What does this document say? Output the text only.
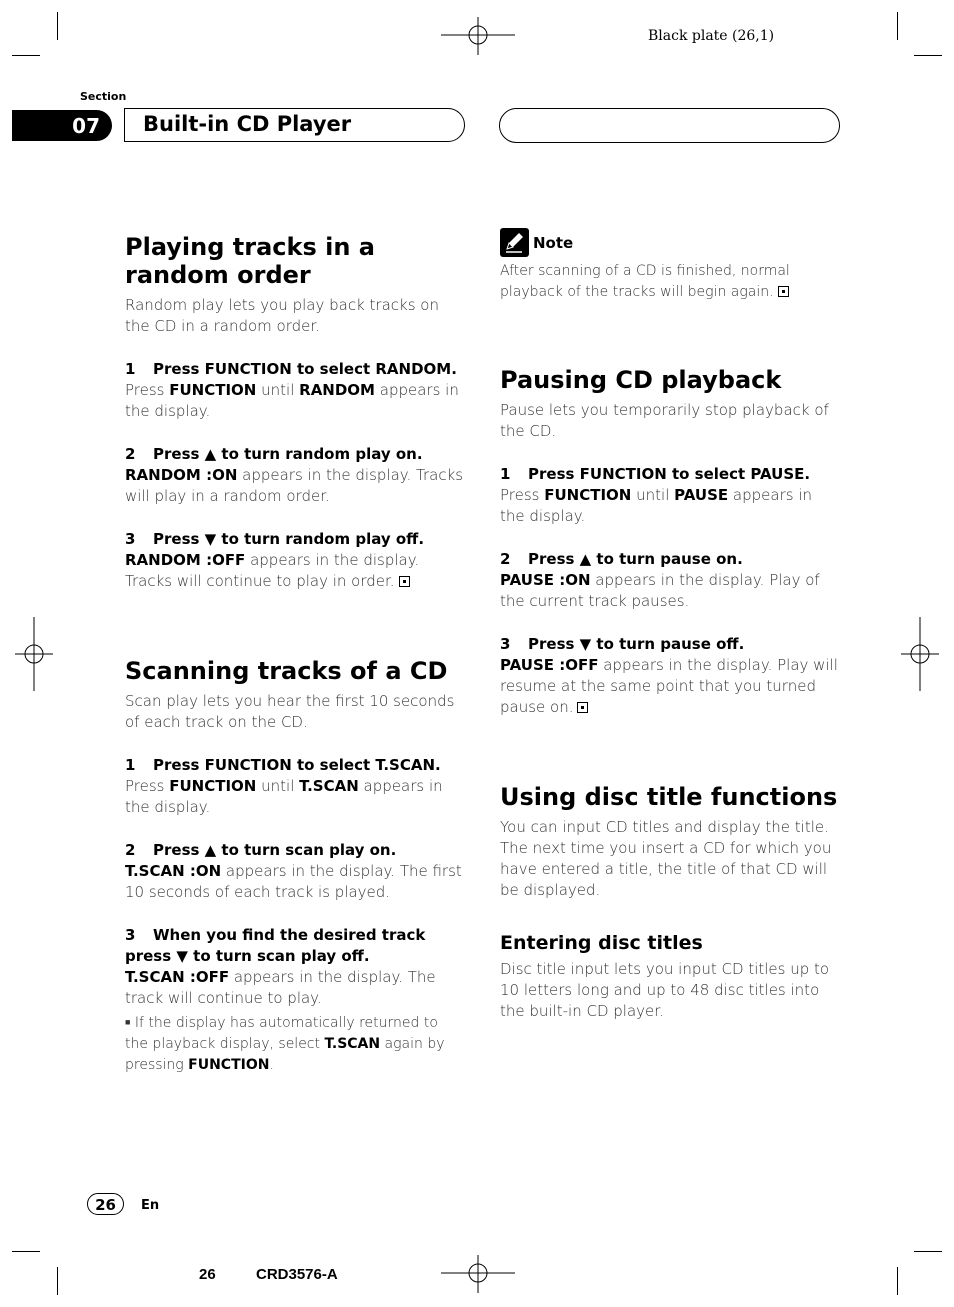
Black plate (26,1)
Section
07	Built-in CD Player
Playing tracks in a random order

Random play lets you play back tracks on the CD in a random order.

1 Press FUNCTION to select RANDOM.

Press FUNCTION until RANDOM appears in the display.

2 Press ▲ to turn random play on.

RANDOM :ON appears in the display. Tracks will play in a random order.

3 Press ▼ to turn random play off.

RANDOM :OFF appears in the display. Tracks will continue to play in order.

Scanning tracks of a CD

Scan play lets you hear the first 10 seconds of each track on the CD.

1 Press FUNCTION to select T.SCAN.

Press FUNCTION until T.SCAN appears in the display.

2 Press ▲ to turn scan play on.

T.SCAN :ON appears in the display. The first 10 seconds of each track is played.

3 When you find the desired track
press ▼ to turn scan play off.

T.SCAN :OFF appears in the display. The track will continue to play.

■ If the display has automatically returned to the playback display, select T.SCAN again by pressing FUNCTION.

Note

After scanning of a CD is finished, normal playback of the tracks will begin again.

Pausing CD playback

Pause lets you temporarily stop playback of the CD.

1 Press FUNCTION to select PAUSE.

Press FUNCTION until PAUSE appears in the display.

2 Press ▲ to turn pause on.

PAUSE :ON appears in the display. Play of the current track pauses.

3 Press ▼ to turn pause off.

PAUSE :OFF appears in the display. Play will resume at the same point that you turned pause on.

Using disc title functions

You can input CD titles and display the title. The next time you insert a CD for which you have entered a title, the title of that CD will be displayed.

Entering disc titles

Disc title input lets you input CD titles up to 10 letters long and up to 48 disc titles into the built-in CD player.

26	En
26	CRD3576-A
